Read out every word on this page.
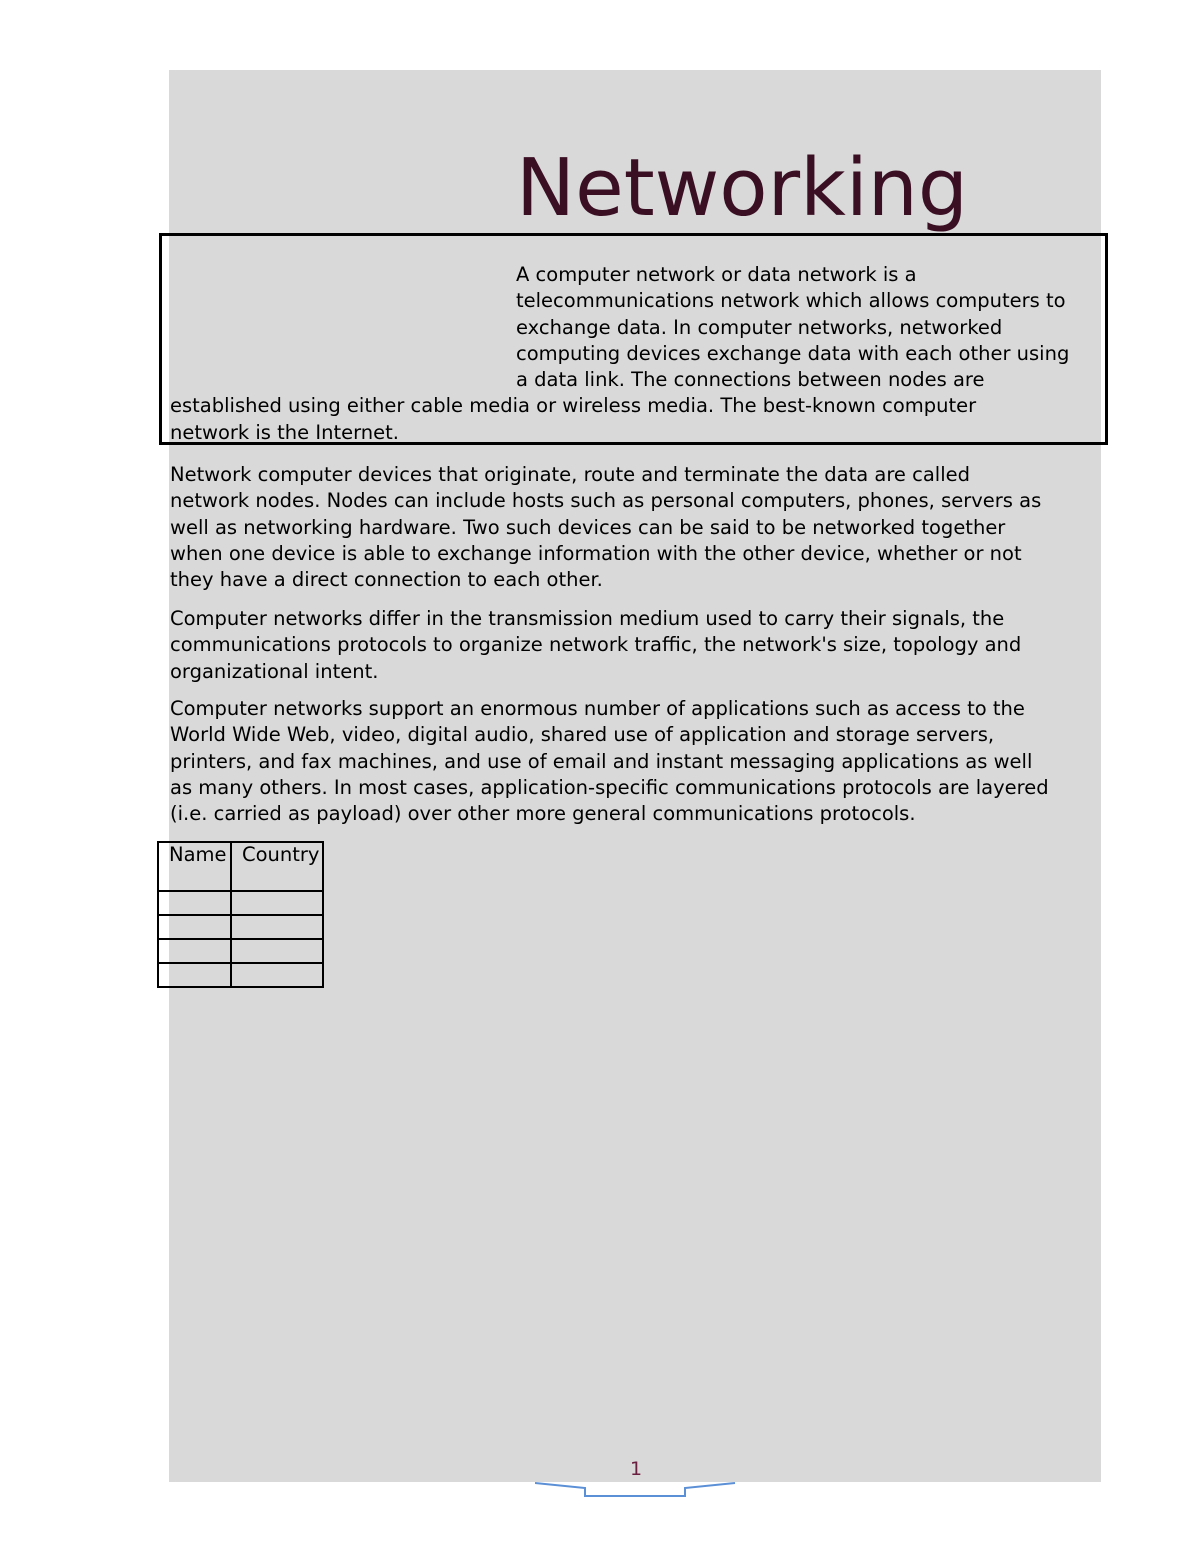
Networking

A computer network or data network is a
telecommunications network which allows computers to
exchange data. In computer networks, networked
computing devices exchange data with each other using
a data link. The connections between nodes are
established using either cable media or wireless media. The best-known computer
network is the Internet.

Network computer devices that originate, route and terminate the data are called
network nodes. Nodes can include hosts such as personal computers, phones, servers as
well as networking hardware. Two such devices can be said to be networked together
when one device is able to exchange information with the other device, whether or not
they have a direct connection to each other.

Computer networks differ in the transmission medium used to carry their signals, the
communications protocols to organize network traffic, the network's size, topology and
organizational intent.

Computer networks support an enormous number of applications such as access to the
World Wide Web, video, digital audio, shared use of application and storage servers,
printers, and fax machines, and use of email and instant messaging applications as well
as many others. In most cases, application-specific communications protocols are layered
(i.e. carried as payload) over other more general communications protocols.

Name	Country

1
